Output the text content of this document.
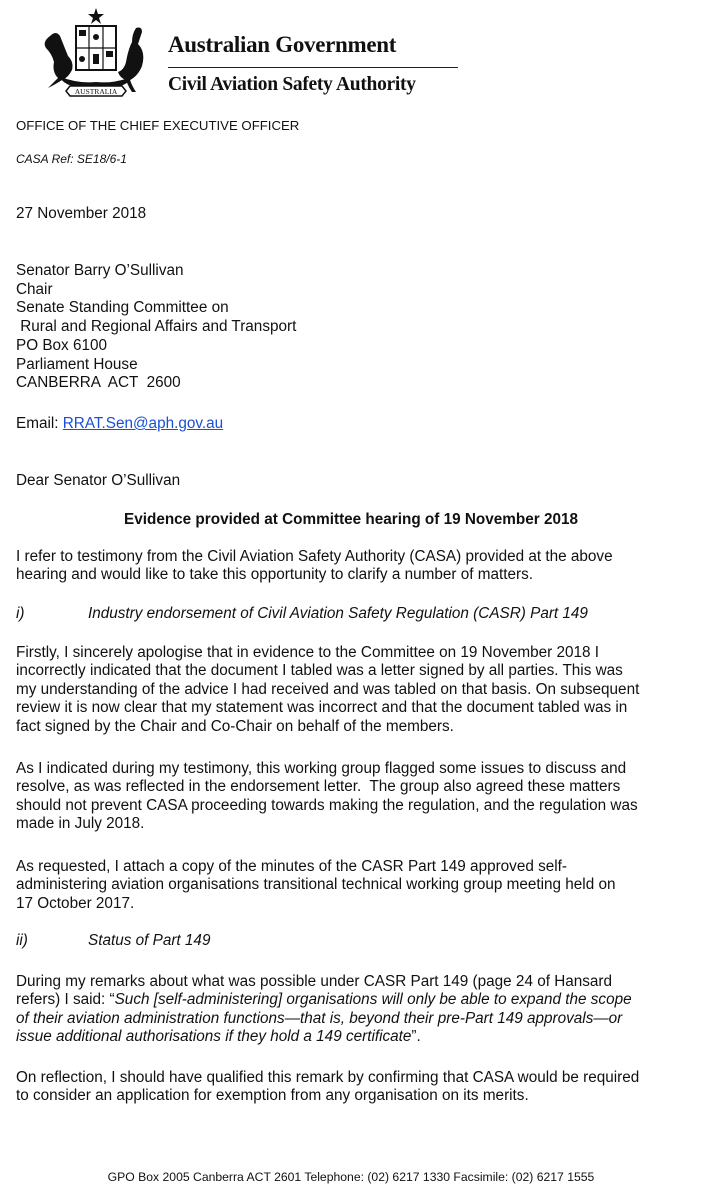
AUSTRALIA
Australian Government
Civil Aviation Safety Authority
OFFICE OF THE CHIEF EXECUTIVE OFFICER
CASA Ref: SE18/6-1
27 November 2018
Senator Barry O’Sullivan
Chair
Senate Standing Committee on
Rural and Regional Affairs and Transport
PO Box 6100
Parliament House
CANBERRA  ACT  2600
Email: RRAT.Sen@aph.gov.au
Dear Senator O’Sullivan
Evidence provided at Committee hearing of 19 November 2018
I refer to testimony from the Civil Aviation Safety Authority (CASA) provided at the above
hearing and would like to take this opportunity to clarify a number of matters.
i)	Industry endorsement of Civil Aviation Safety Regulation (CASR) Part 149
Firstly, I sincerely apologise that in evidence to the Committee on 19 November 2018 I
incorrectly indicated that the document I tabled was a letter signed by all parties. This was
my understanding of the advice I had received and was tabled on that basis. On subsequent
review it is now clear that my statement was incorrect and that the document tabled was in
fact signed by the Chair and Co-Chair on behalf of the members.
As I indicated during my testimony, this working group flagged some issues to discuss and
resolve, as was reflected in the endorsement letter.  The group also agreed these matters
should not prevent CASA proceeding towards making the regulation, and the regulation was
made in July 2018.
As requested, I attach a copy of the minutes of the CASR Part 149 approved self-
administering aviation organisations transitional technical working group meeting held on
17 October 2017.
ii)	Status of Part 149
During my remarks about what was possible under CASR Part 149 (page 24 of Hansard
refers) I said: “Such [self-administering] organisations will only be able to expand the scope
of their aviation administration functions—that is, beyond their pre-Part 149 approvals—or
issue additional authorisations if they hold a 149 certificate”.
On reflection, I should have qualified this remark by confirming that CASA would be required
to consider an application for exemption from any organisation on its merits.
GPO Box 2005 Canberra ACT 2601 Telephone: (02) 6217 1330 Facsimile: (02) 6217 1555
